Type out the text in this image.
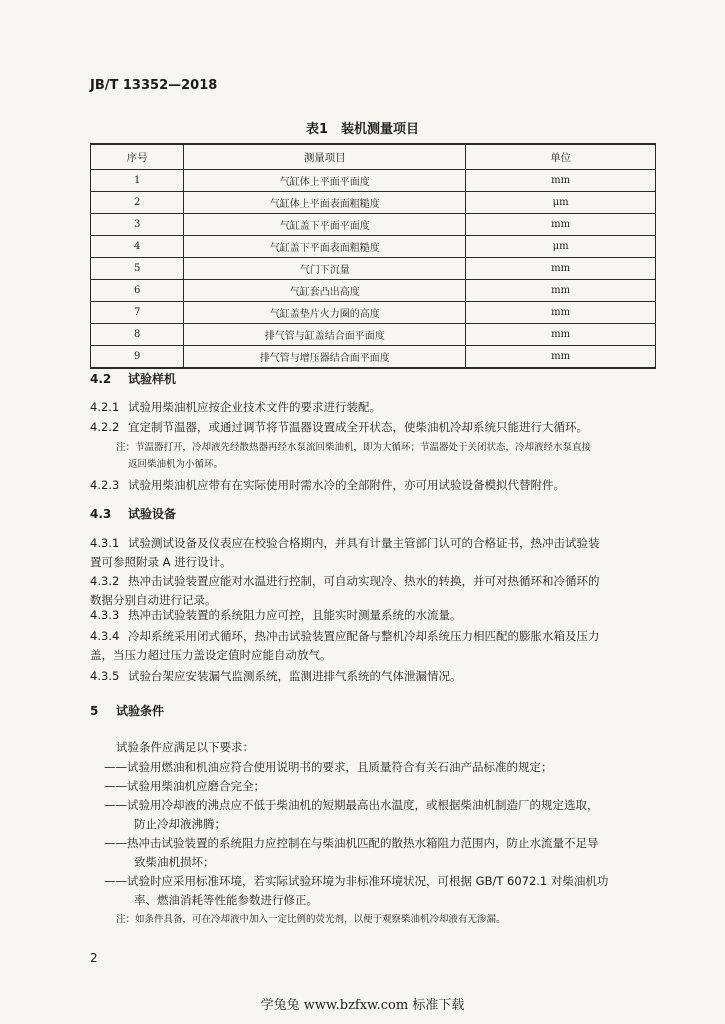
JB/T 13352—2018
表1　装机测量项目
序号	测量项目	单位
1	气缸体上平面平面度	mm
2	气缸体上平面表面粗糙度	μm
3	气缸盖下平面平面度	mm
4	气缸盖下平面表面粗糙度	μm
5	气门下沉量	mm
6	气缸套凸出高度	mm
7	气缸盖垫片火力圈的高度	mm
8	排气管与缸盖结合面平面度	mm
9	排气管与增压器结合面平面度	mm
4.2 试验样机
4.2.1 试验用柴油机应按企业技术文件的要求进行装配。
4.2.2 宜定制节温器，或通过调节将节温器设置成全开状态，使柴油机冷却系统只能进行大循环。
注：节温器打开，冷却液先经散热器再经水泵流回柴油机，即为大循环；节温器处于关闭状态，冷却液经水泵直接
返回柴油机为小循环。
4.2.3 试验用柴油机应带有在实际使用时需水冷的全部附件，亦可用试验设备模拟代替附件。
4.3 试验设备
4.3.1 试验测试设备及仪表应在校验合格期内，并具有计量主管部门认可的合格证书，热冲击试验装
置可参照附录 A 进行设计。
4.3.2 热冲击试验装置应能对水温进行控制，可自动实现冷、热水的转换，并可对热循环和冷循环的
数据分别自动进行记录。
4.3.3 热冲击试验装置的系统阻力应可控，且能实时测量系统的水流量。
4.3.4 冷却系统采用闭式循环，热冲击试验装置应配备与整机冷却系统压力相匹配的膨胀水箱及压力
盖，当压力超过压力盖设定值时应能自动放气。
4.3.5 试验台架应安装漏气监测系统，监测进排气系统的气体泄漏情况。
5 试验条件
试验条件应满足以下要求：
——试验用燃油和机油应符合使用说明书的要求，且质量符合有关石油产品标准的规定；
——试验用柴油机应磨合完全；
——试验用冷却液的沸点应不低于柴油机的短期最高出水温度，或根据柴油机制造厂的规定选取，
防止冷却液沸腾；
——热冲击试验装置的系统阻力应控制在与柴油机匹配的散热水箱阻力范围内，防止水流量不足导
致柴油机损坏；
——试验时应采用标准环境，若实际试验环境为非标准环境状况，可根据 GB/T 6072.1 对柴油机功
率、燃油消耗等性能参数进行修正。
注：如条件具备，可在冷却液中加入一定比例的荧光剂，以便于观察柴油机冷却液有无渗漏。
2
学兔兔 www.bzfxw.com 标准下载
